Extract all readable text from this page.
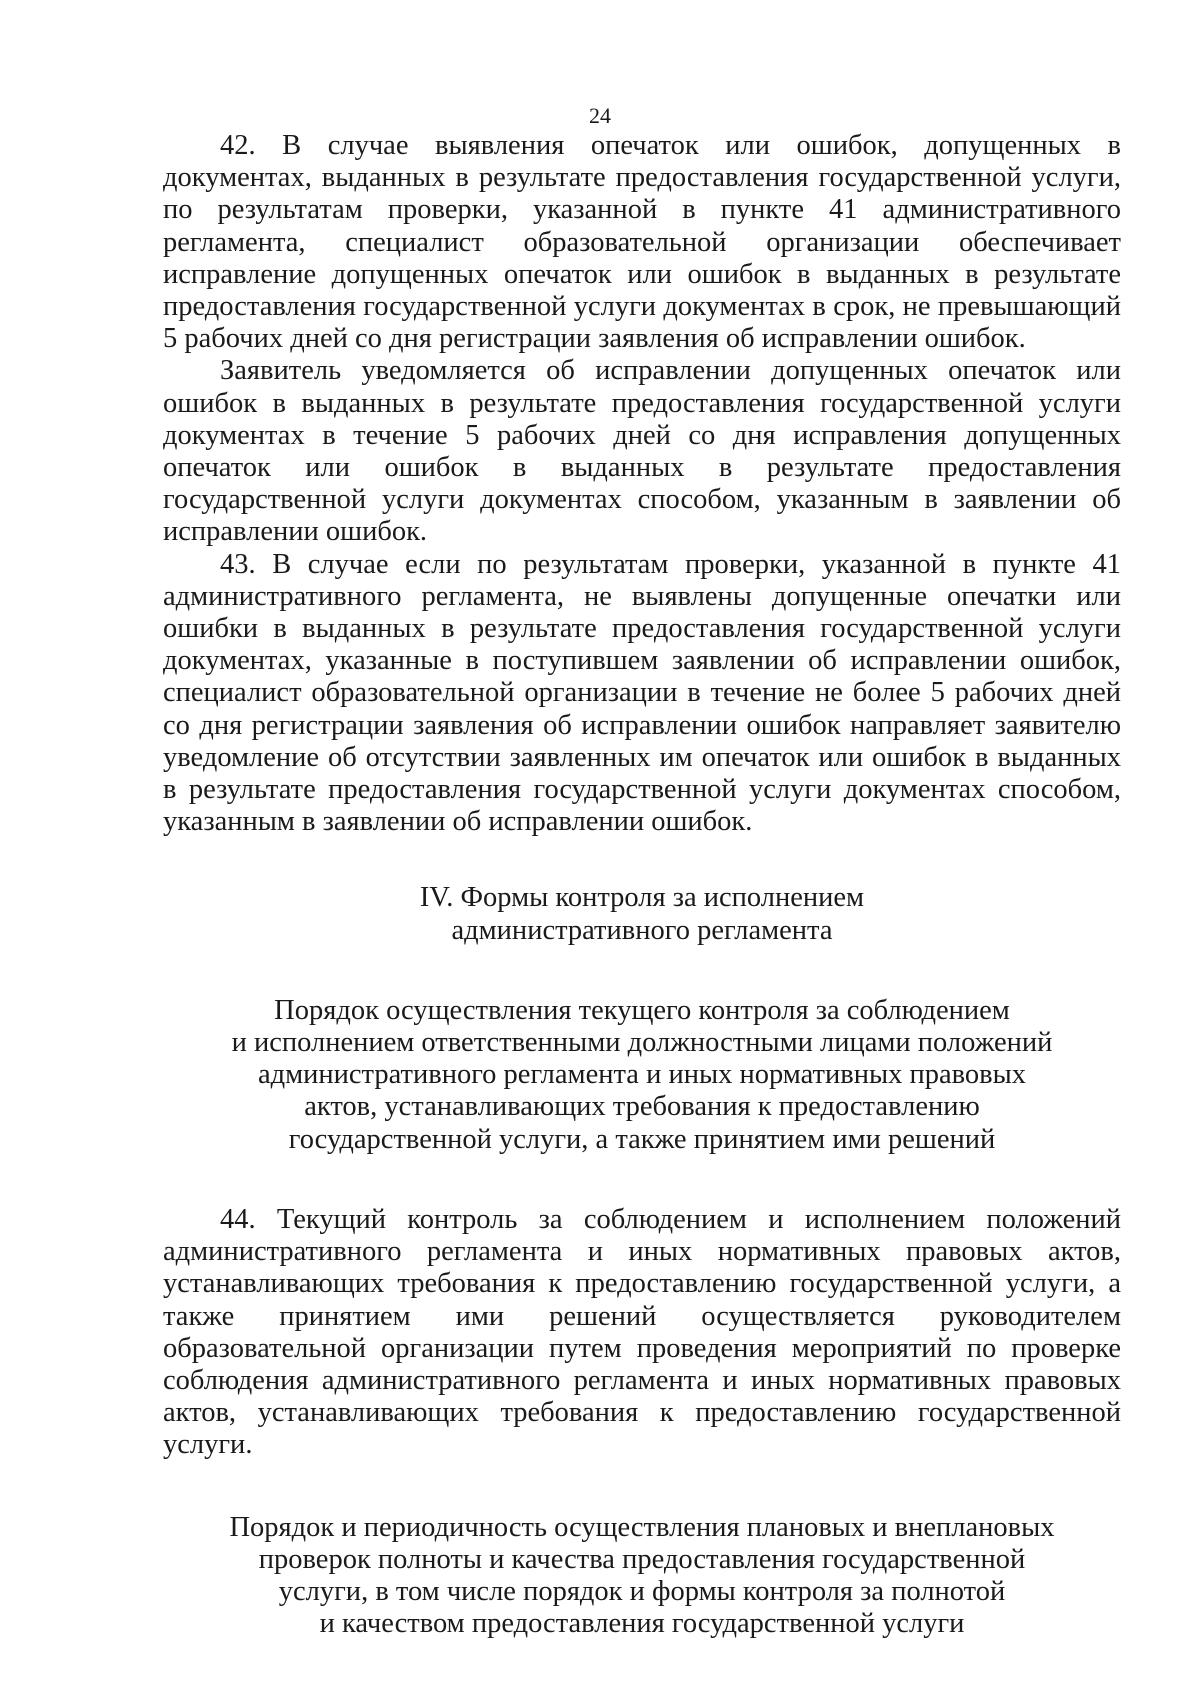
24

42. В случае выявления опечаток или ошибок, допущенных в документах, выданных в результате предоставления государственной услуги, по результатам проверки, указанной в пункте 41 административного регламента, специалист образовательной организации обеспечивает исправление допущенных опечаток или ошибок в выданных в результате предоставления государственной услуги документах в срок, не превышающий 5 рабочих дней со дня регистрации заявления об исправлении ошибок.

Заявитель уведомляется об исправлении допущенных опечаток или ошибок в выданных в результате предоставления государственной услуги документах в течение 5 рабочих дней со дня исправления допущенных опечаток или ошибок в выданных в результате предоставления государственной услуги документах способом, указанным в заявлении об исправлении ошибок.

43. В случае если по результатам проверки, указанной в пункте 41 административного регламента, не выявлены допущенные опечатки или ошибки в выданных в результате предоставления государственной услуги документах, указанные в поступившем заявлении об исправлении ошибок, специалист образовательной организации в течение не более 5 рабочих дней со дня регистрации заявления об исправлении ошибок направляет заявителю уведомление об отсутствии заявленных им опечаток или ошибок в выданных в результате предоставления государственной услуги документах способом, указанным в заявлении об исправлении ошибок.

IV. Формы контроля за исполнением
административного регламента
Порядок осуществления текущего контроля за соблюдением
и исполнением ответственными должностными лицами положений
административного регламента и иных нормативных правовых
актов, устанавливающих требования к предоставлению
государственной услуги, а также принятием ими решений

44. Текущий контроль за соблюдением и исполнением положений административного регламента и иных нормативных правовых актов, устанавливающих требования к предоставлению государственной услуги, а также принятием ими решений осуществляется руководителем образовательной организации путем проведения мероприятий по проверке соблюдения административного регламента и иных нормативных правовых актов, устанавливающих требования к предоставлению государственной услуги.

Порядок и периодичность осуществления плановых и внеплановых
проверок полноты и качества предоставления государственной
услуги, в том числе порядок и формы контроля за полнотой
и качеством предоставления государственной услуги
